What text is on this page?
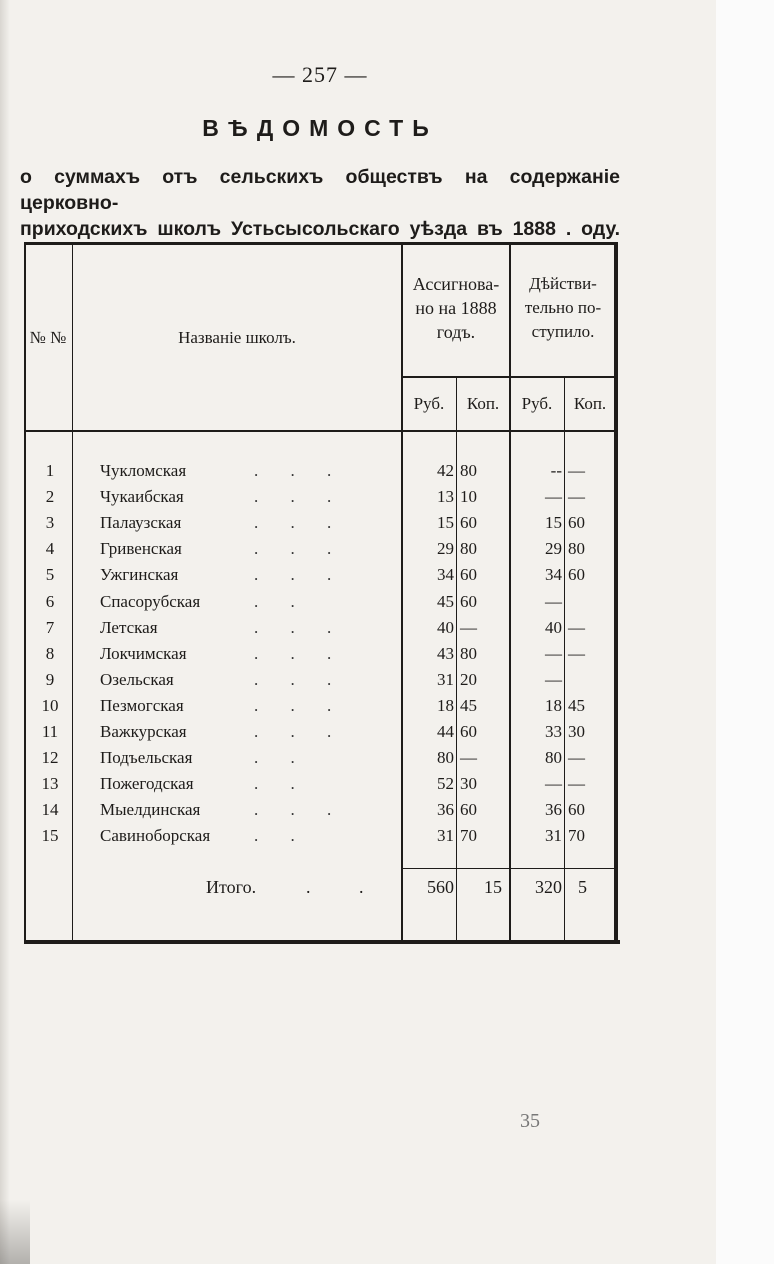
— 257 —
ВѢДОМОСТЬ
о суммахъ отъ сельскихъ обществъ на содержаніе церковно-
приходскихъ школъ Устьсысольскаго уѣзда въ 1888 . оду.
№ №	Названіе школъ.
Ассигнова-
но на 1888
годъ.
Дѣйстви-
тельно по-
ступило.
Руб.	Коп.	Руб.	Коп.
1	Чукломская	. . .	42 80	-- —
2	Чукаибская	. . .	13 10	— —
3	Палаузская	. . .	15 60	15 60
4	Гривенская	. . .	29 80	29 80
5	Ужгинская	. . .	34 60	34 60
6	Спасорубская	. .	45 60	—
7	Летская	. . .	40 —	40 —
8	Локчимская	. . .	43 80	— —
9	Озельская	. . .	31 20	—
10	Пезмогская	. . .	18 45	18 45
11	Важкурская	. . .	44 60	33 30
12	Подъельская	. .	80 —	80 —
13	Пожегодская	. .	52 30	— —
14	Мыелдинская	. . .	36 60	36 60
15	Савиноборская	. .	31 70	31 70
Итого.	. .	560	15	320 5
35
